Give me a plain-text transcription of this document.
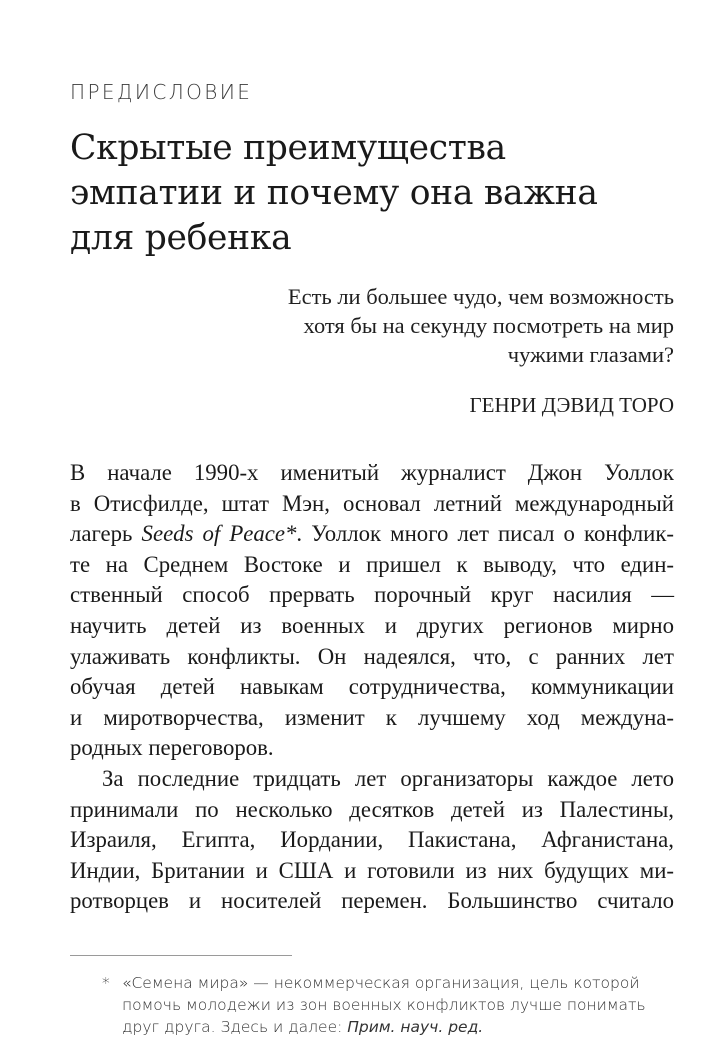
ПРЕДИСЛОВИЕ

Скрытые преимущества
эмпатии и почему она важна
для ребенка
Есть ли большее чудо, чем возможность
хотя бы на секунду посмотреть на мир
чужими глазами?
ГЕНРИ ДЭВИД ТОРО
В начале 1990-х именитый журналист Джон Уоллок
в Отисфилде, штат Мэн, основал летний международный
лагерь Seeds of Peace*. Уоллок много лет писал о конфлик-
те на Среднем Востоке и пришел к выводу, что един-
ственный способ прервать порочный круг насилия —
научить детей из военных и других регионов мирно
улаживать конфликты. Он надеялся, что, с ранних лет
обучая детей навыкам сотрудничества, коммуникации
и миротворчества, изменит к лучшему ход междуна-
родных переговоров.
За последние тридцать лет организаторы каждое лето
принимали по несколько десятков детей из Палестины,
Израиля, Египта, Иордании, Пакистана, Афганистана,
Индии, Британии и США и готовили из них будущих ми-
ротворцев и носителей перемен. Большинство считало
* «Семена мира» — некоммерческая организация, цель которой
помочь молодежи из зон военных конфликтов лучше понимать
друг друга. Здесь и далее: Прим. науч. ред.
